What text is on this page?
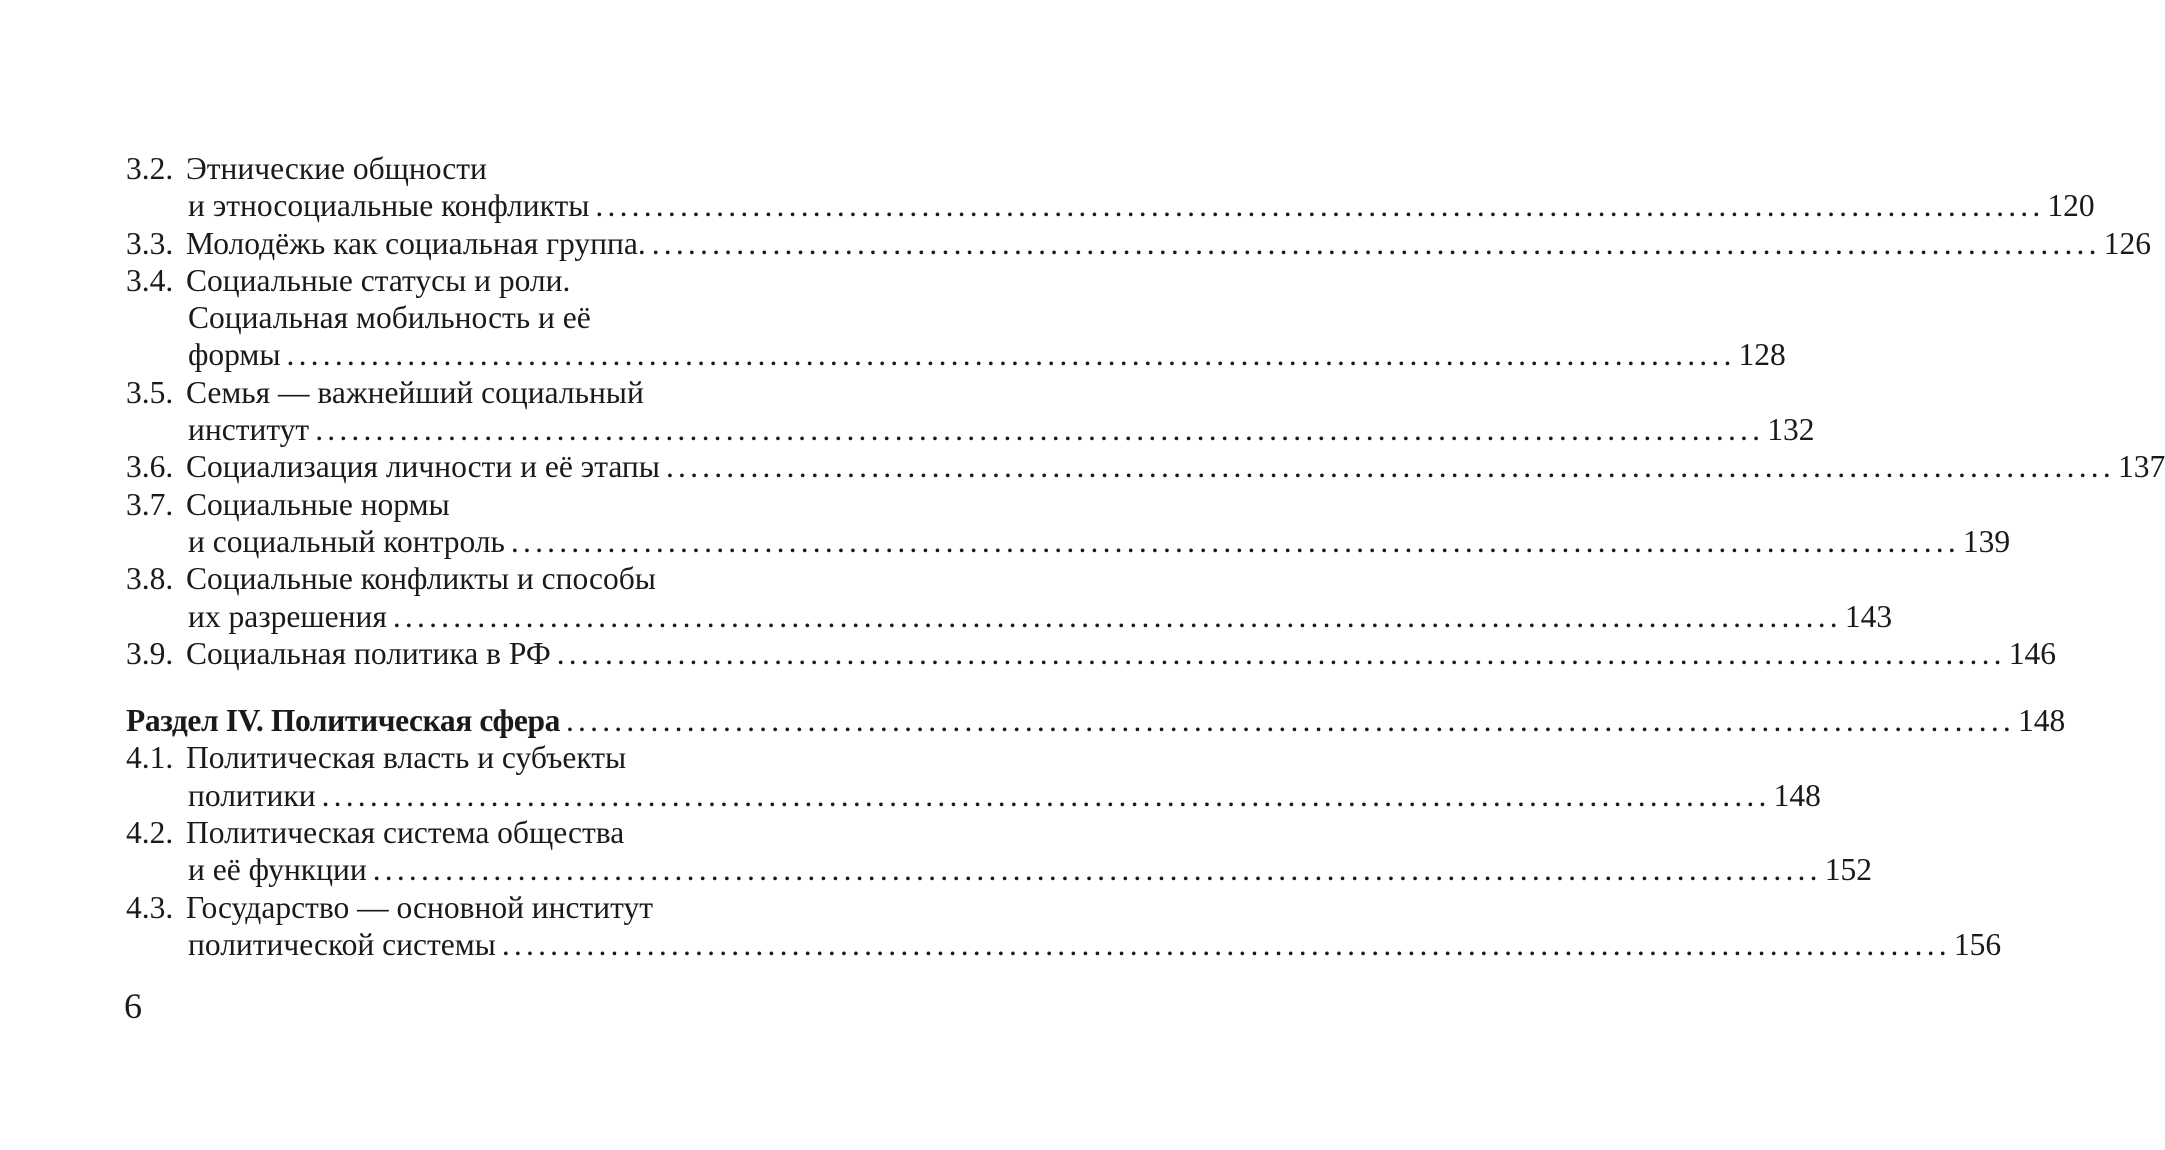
3.2. Этнические общности
и этносоциальные конфликты ........................................................................................................................ 120
3.3. Молодёжь как социальная группа. ........................................................................................................................ 126
3.4. Социальные статусы и роли.
Социальная мобильность и её
формы ........................................................................................................................ 128
3.5. Семья — важнейший социальный
институт ........................................................................................................................ 132
3.6. Социализация личности и её этапы ........................................................................................................................ 137
3.7. Социальные нормы
и социальный контроль ........................................................................................................................ 139
3.8. Социальные конфликты и способы
их разрешения ........................................................................................................................ 143
3.9. Социальная политика в РФ ........................................................................................................................ 146
Раздел IV. Политическая сфера ........................................................................................................................ 148
4.1. Политическая власть и субъекты
политики ........................................................................................................................ 148
4.2. Политическая система общества
и её функции ........................................................................................................................ 152
4.3. Государство — основной институт
политической системы ........................................................................................................................ 156
6
